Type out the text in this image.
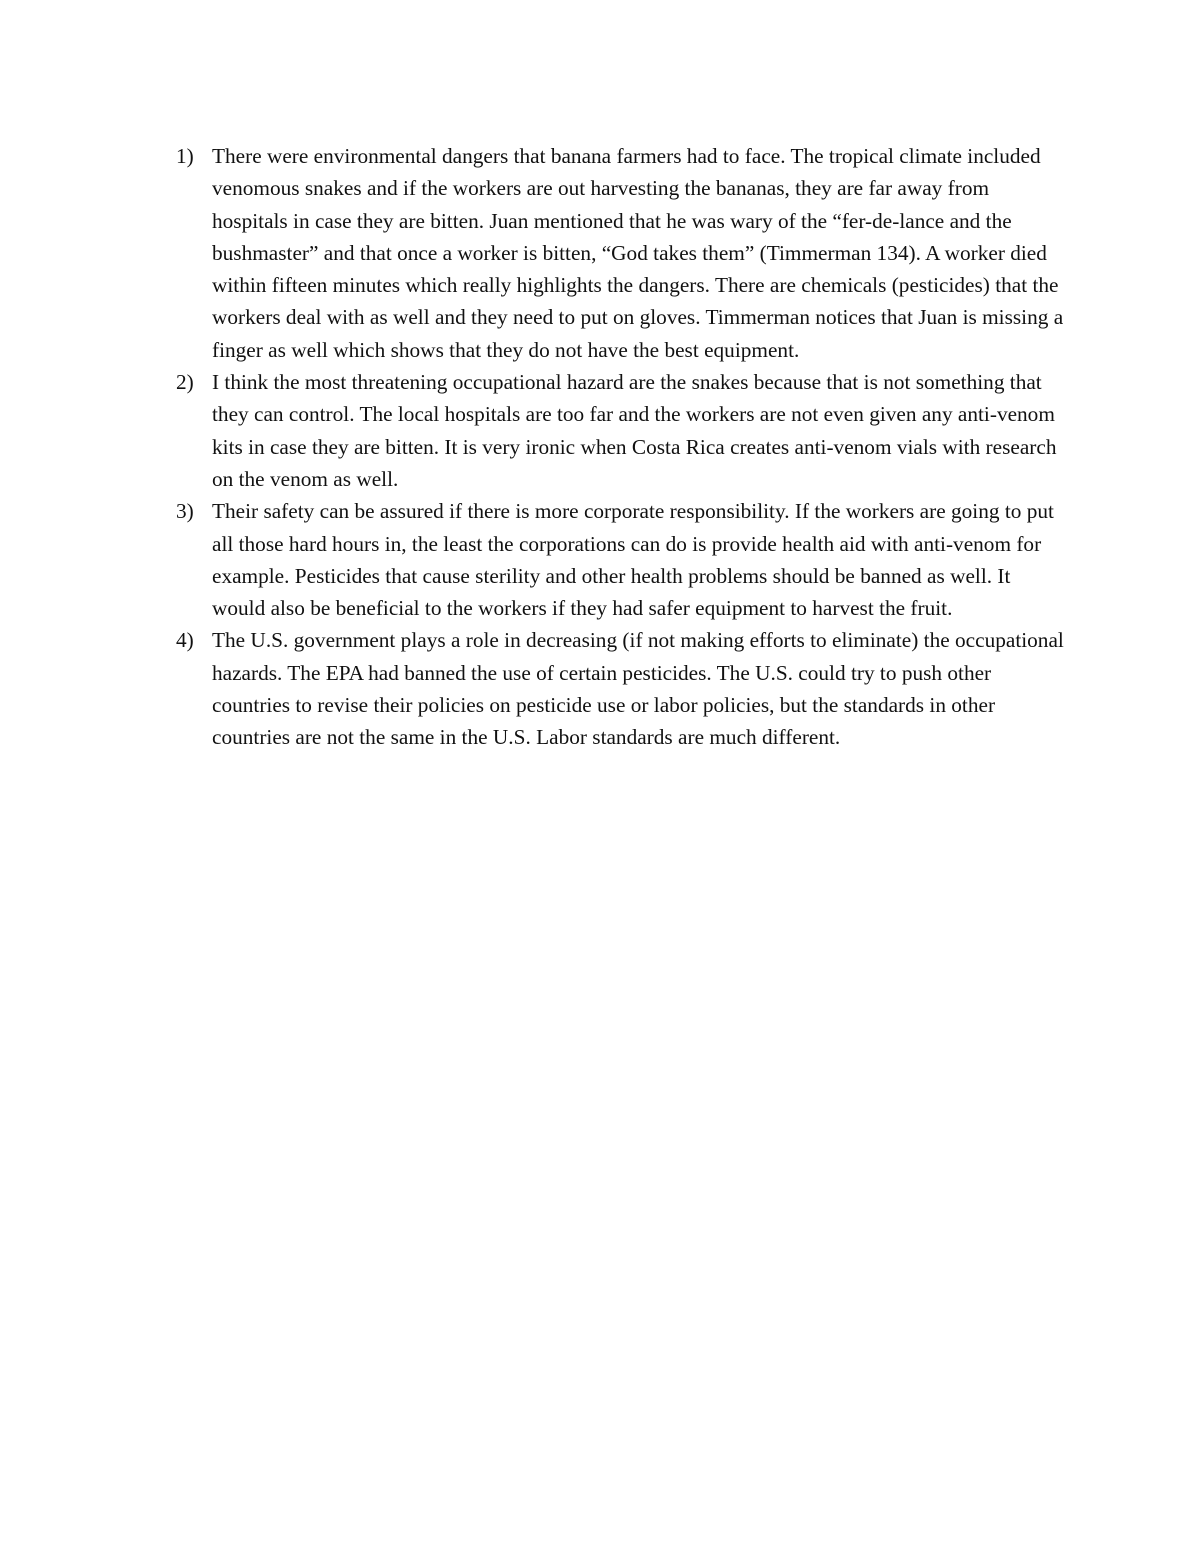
1) There were environmental dangers that banana farmers had to face. The tropical climate included venomous snakes and if the workers are out harvesting the bananas, they are far away from hospitals in case they are bitten. Juan mentioned that he was wary of the “fer-de-lance and the bushmaster” and that once a worker is bitten, “God takes them” (Timmerman 134). A worker died within fifteen minutes which really highlights the dangers. There are chemicals (pesticides) that the workers deal with as well and they need to put on gloves. Timmerman notices that Juan is missing a finger as well which shows that they do not have the best equipment.
2) I think the most threatening occupational hazard are the snakes because that is not something that they can control. The local hospitals are too far and the workers are not even given any anti-venom kits in case they are bitten. It is very ironic when Costa Rica creates anti-venom vials with research on the venom as well.
3) Their safety can be assured if there is more corporate responsibility. If the workers are going to put all those hard hours in, the least the corporations can do is provide health aid with anti-venom for example. Pesticides that cause sterility and other health problems should be banned as well. It would also be beneficial to the workers if they had safer equipment to harvest the fruit.
4) The U.S. government plays a role in decreasing (if not making efforts to eliminate) the occupational hazards. The EPA had banned the use of certain pesticides. The U.S. could try to push other countries to revise their policies on pesticide use or labor policies, but the standards in other countries are not the same in the U.S. Labor standards are much different.
